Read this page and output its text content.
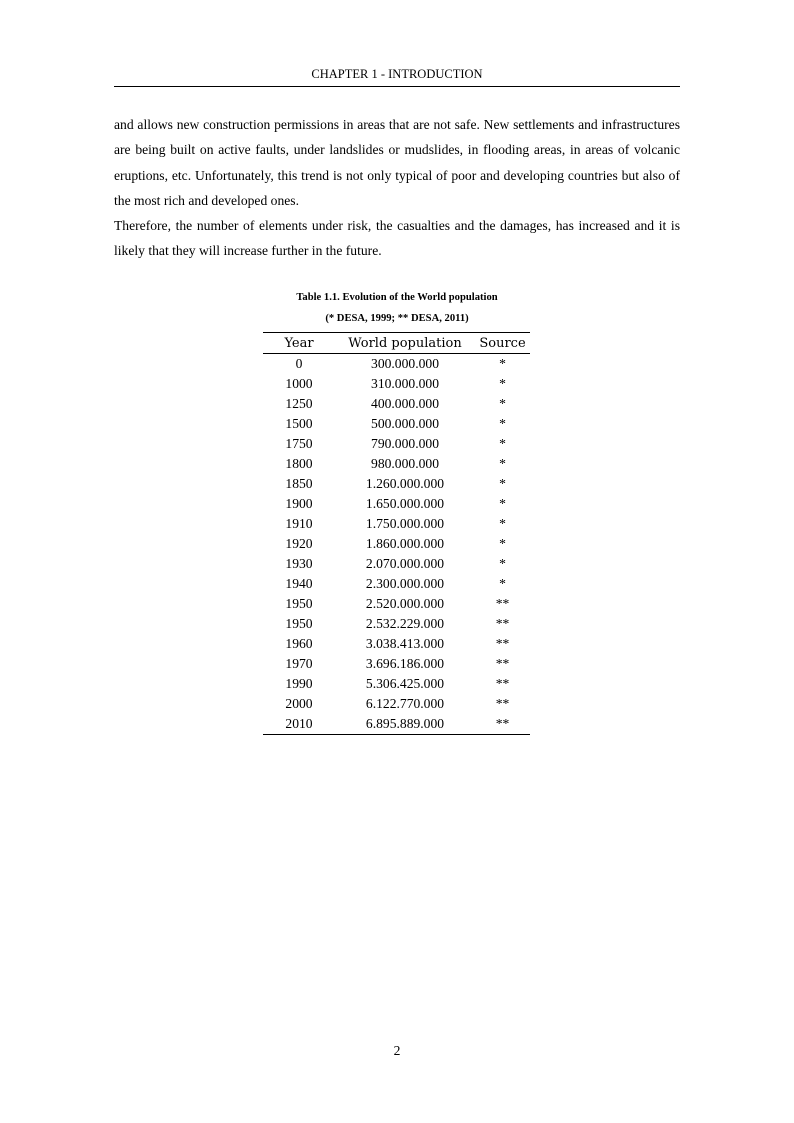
CHAPTER 1 - INTRODUCTION

and allows new construction permissions in areas that are not safe. New settlements and infrastructures are being built on active faults, under landslides or mudslides, in flooding areas, in areas of volcanic eruptions, etc. Unfortunately, this trend is not only typical of poor and developing countries but also of the most rich and developed ones.

Therefore, the number of elements under risk, the casualties and the damages, has increased and it is likely that they will increase further in the future.

Table 1.1. Evolution of the World population
(* DESA, 1999; ** DESA, 2011)
Year	World population	Source
0	300.000.000	*
1000	310.000.000	*
1250	400.000.000	*
1500	500.000.000	*
1750	790.000.000	*
1800	980.000.000	*
1850	1.260.000.000	*
1900	1.650.000.000	*
1910	1.750.000.000	*
1920	1.860.000.000	*
1930	2.070.000.000	*
1940	2.300.000.000	*
1950	2.520.000.000	**
1950	2.532.229.000	**
1960	3.038.413.000	**
1970	3.696.186.000	**
1990	5.306.425.000	**
2000	6.122.770.000	**
2010	6.895.889.000	**
2
